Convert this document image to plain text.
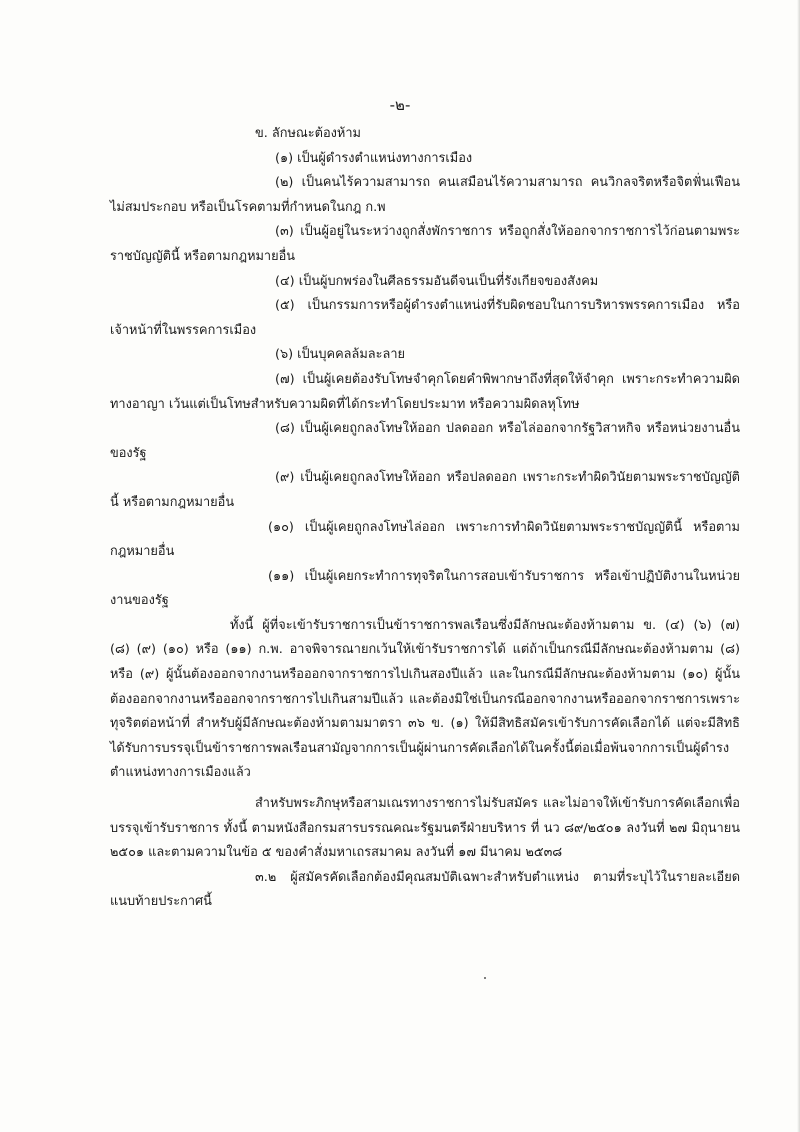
-๒-

ข. ลักษณะต้องห้าม

(๑) เป็นผู้ดำรงตำแหน่งทางการเมือง

(๒) เป็นคนไร้ความสามารถ คนเสมือนไร้ความสามารถ คนวิกลจริตหรือจิตฟั่นเฟือนไม่สมประกอบ หรือเป็นโรคตามที่กำหนดในกฎ ก.พ

(๓) เป็นผู้อยู่ในระหว่างถูกสั่งพักราชการ หรือถูกสั่งให้ออกจากราชการไว้ก่อนตามพระราชบัญญัตินี้ หรือตามกฎหมายอื่น

(๔) เป็นผู้บกพร่องในศีลธรรมอันดีจนเป็นที่รังเกียจของสังคม

(๕) เป็นกรรมการหรือผู้ดำรงตำแหน่งที่รับผิดชอบในการบริหารพรรคการเมือง หรือเจ้าหน้าที่ในพรรคการเมือง

(๖) เป็นบุคคลล้มละลาย

(๗) เป็นผู้เคยต้องรับโทษจำคุกโดยคำพิพากษาถึงที่สุดให้จำคุก เพราะกระทำความผิดทางอาญา เว้นแต่เป็นโทษสำหรับความผิดที่ได้กระทำโดยประมาท หรือความผิดลหุโทษ

(๘) เป็นผู้เคยถูกลงโทษให้ออก ปลดออก หรือไล่ออกจากรัฐวิสาหกิจ หรือหน่วยงานอื่นของรัฐ

(๙) เป็นผู้เคยถูกลงโทษให้ออก หรือปลดออก เพราะกระทำผิดวินัยตามพระราชบัญญัตินี้ หรือตามกฎหมายอื่น

(๑๐) เป็นผู้เคยถูกลงโทษไล่ออก เพราะการทำผิดวินัยตามพระราชบัญญัตินี้ หรือตามกฎหมายอื่น

(๑๑) เป็นผู้เคยกระทำการทุจริตในการสอบเข้ารับราชการ หรือเข้าปฏิบัติงานในหน่วยงานของรัฐ

ทั้งนี้ ผู้ที่จะเข้ารับราชการเป็นข้าราชการพลเรือนซึ่งมีลักษณะต้องห้ามตาม ข. (๔) (๖) (๗) (๘) (๙) (๑๐) หรือ (๑๑) ก.พ. อาจพิจารณายกเว้นให้เข้ารับราชการได้ แต่ถ้าเป็นกรณีมีลักษณะต้องห้ามตาม (๘) หรือ (๙) ผู้นั้นต้องออกจากงานหรือออกจากราชการไปเกินสองปีแล้ว และในกรณีมีลักษณะต้องห้ามตาม (๑๐) ผู้นั้นต้องออกจากงานหรือออกจากราชการไปเกินสามปีแล้ว และต้องมิใช่เป็นกรณีออกจากงานหรือออกจากราชการเพราะทุจริตต่อหน้าที่ สำหรับผู้มีลักษณะต้องห้ามตามมาตรา ๓๖ ข. (๑) ให้มีสิทธิสมัครเข้ารับการคัดเลือกได้ แต่จะมีสิทธิได้รับการบรรจุเป็นข้าราชการพลเรือนสามัญจากการเป็นผู้ผ่านการคัดเลือกได้ในครั้งนี้ต่อเมื่อพ้นจากการเป็นผู้ดำรงตำแหน่งทางการเมืองแล้ว

สำหรับพระภิกษุหรือสามเณรทางราชการไม่รับสมัคร และไม่อาจให้เข้ารับการคัดเลือกเพื่อบรรจุเข้ารับราชการ ทั้งนี้ ตามหนังสือกรมสารบรรณคณะรัฐมนตรีฝ่ายบริหาร ที่ นว ๘๙/๒๕๐๑ ลงวันที่ ๒๗ มิถุนายน ๒๕๐๑ และตามความในข้อ ๕ ของคำสั่งมหาเถรสมาคม ลงวันที่ ๑๗ มีนาคม ๒๕๓๘

๓.๒ ผู้สมัครคัดเลือกต้องมีคุณสมบัติเฉพาะสำหรับตำแหน่ง ตามที่ระบุไว้ในรายละเอียดแนบท้ายประกาศนี้
